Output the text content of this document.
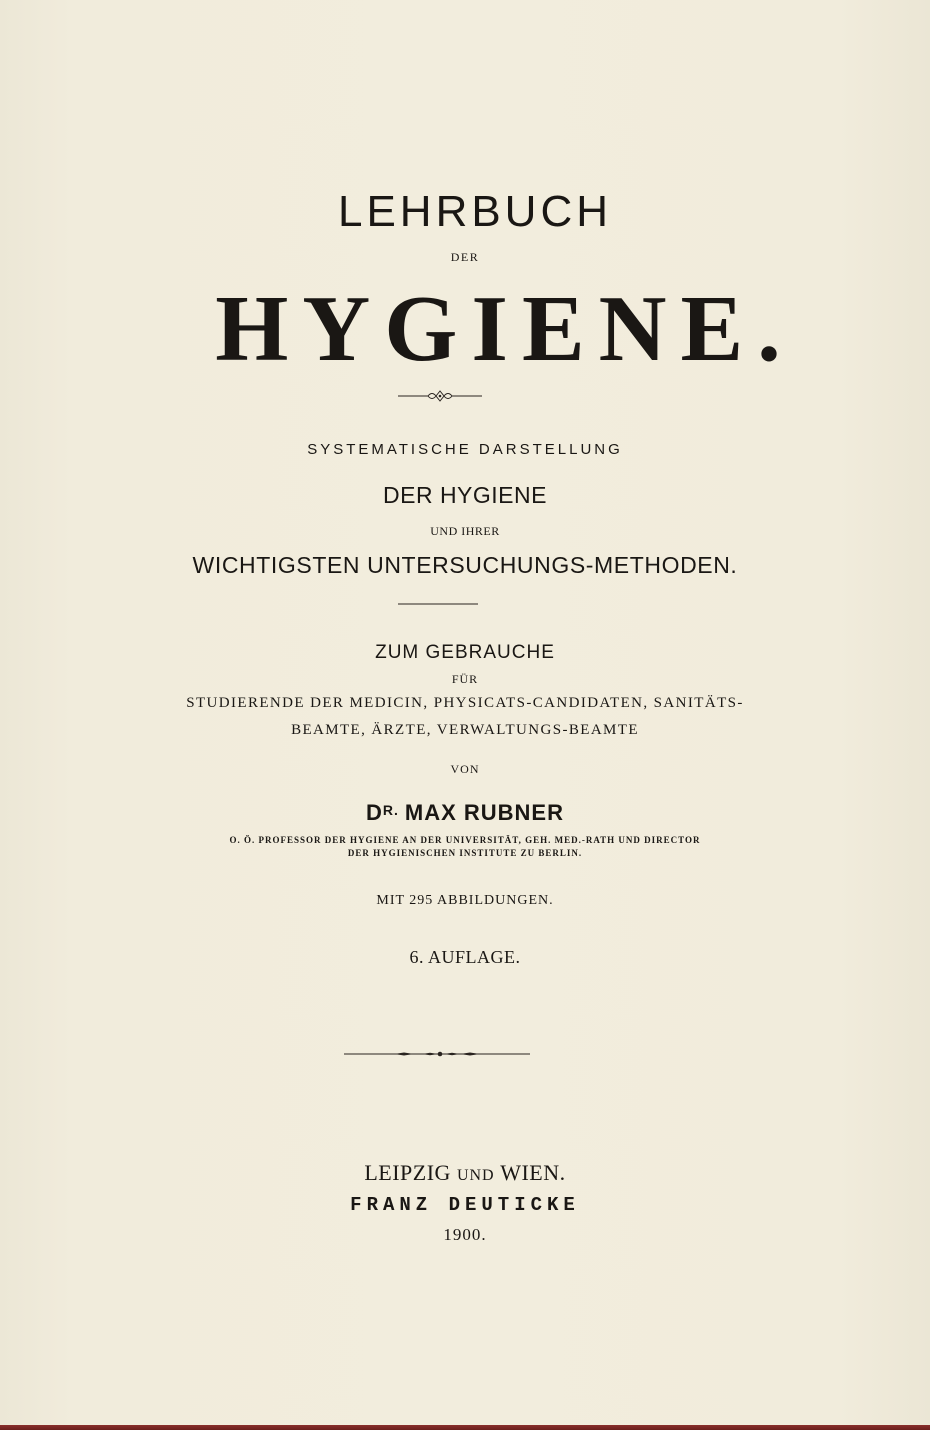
LEHRBUCH
DER
HYGIENE.
SYSTEMATISCHE DARSTELLUNG
DER HYGIENE
UND IHRER
WICHTIGSTEN UNTERSUCHUNGS-METHODEN.
ZUM GEBRAUCHE
FÜR
STUDIERENDE DER MEDICIN, PHYSICATS-CANDIDATEN, SANITÄTS-
BEAMTE, ÄRZTE, VERWALTUNGS-BEAMTE
VON
$D^{R.}$ MAX RUBNER
O. Ö. PROFESSOR DER HYGIENE AN DER UNIVERSITÄT, GEH. MED.-RATH UND DIRECTOR
DER HYGIENISCHEN INSTITUTE ZU BERLIN.
MIT 295 ABBILDUNGEN.
6. AUFLAGE.
LEIPZIG UND WIEN.
FRANZ DEUTICKE
1900.
